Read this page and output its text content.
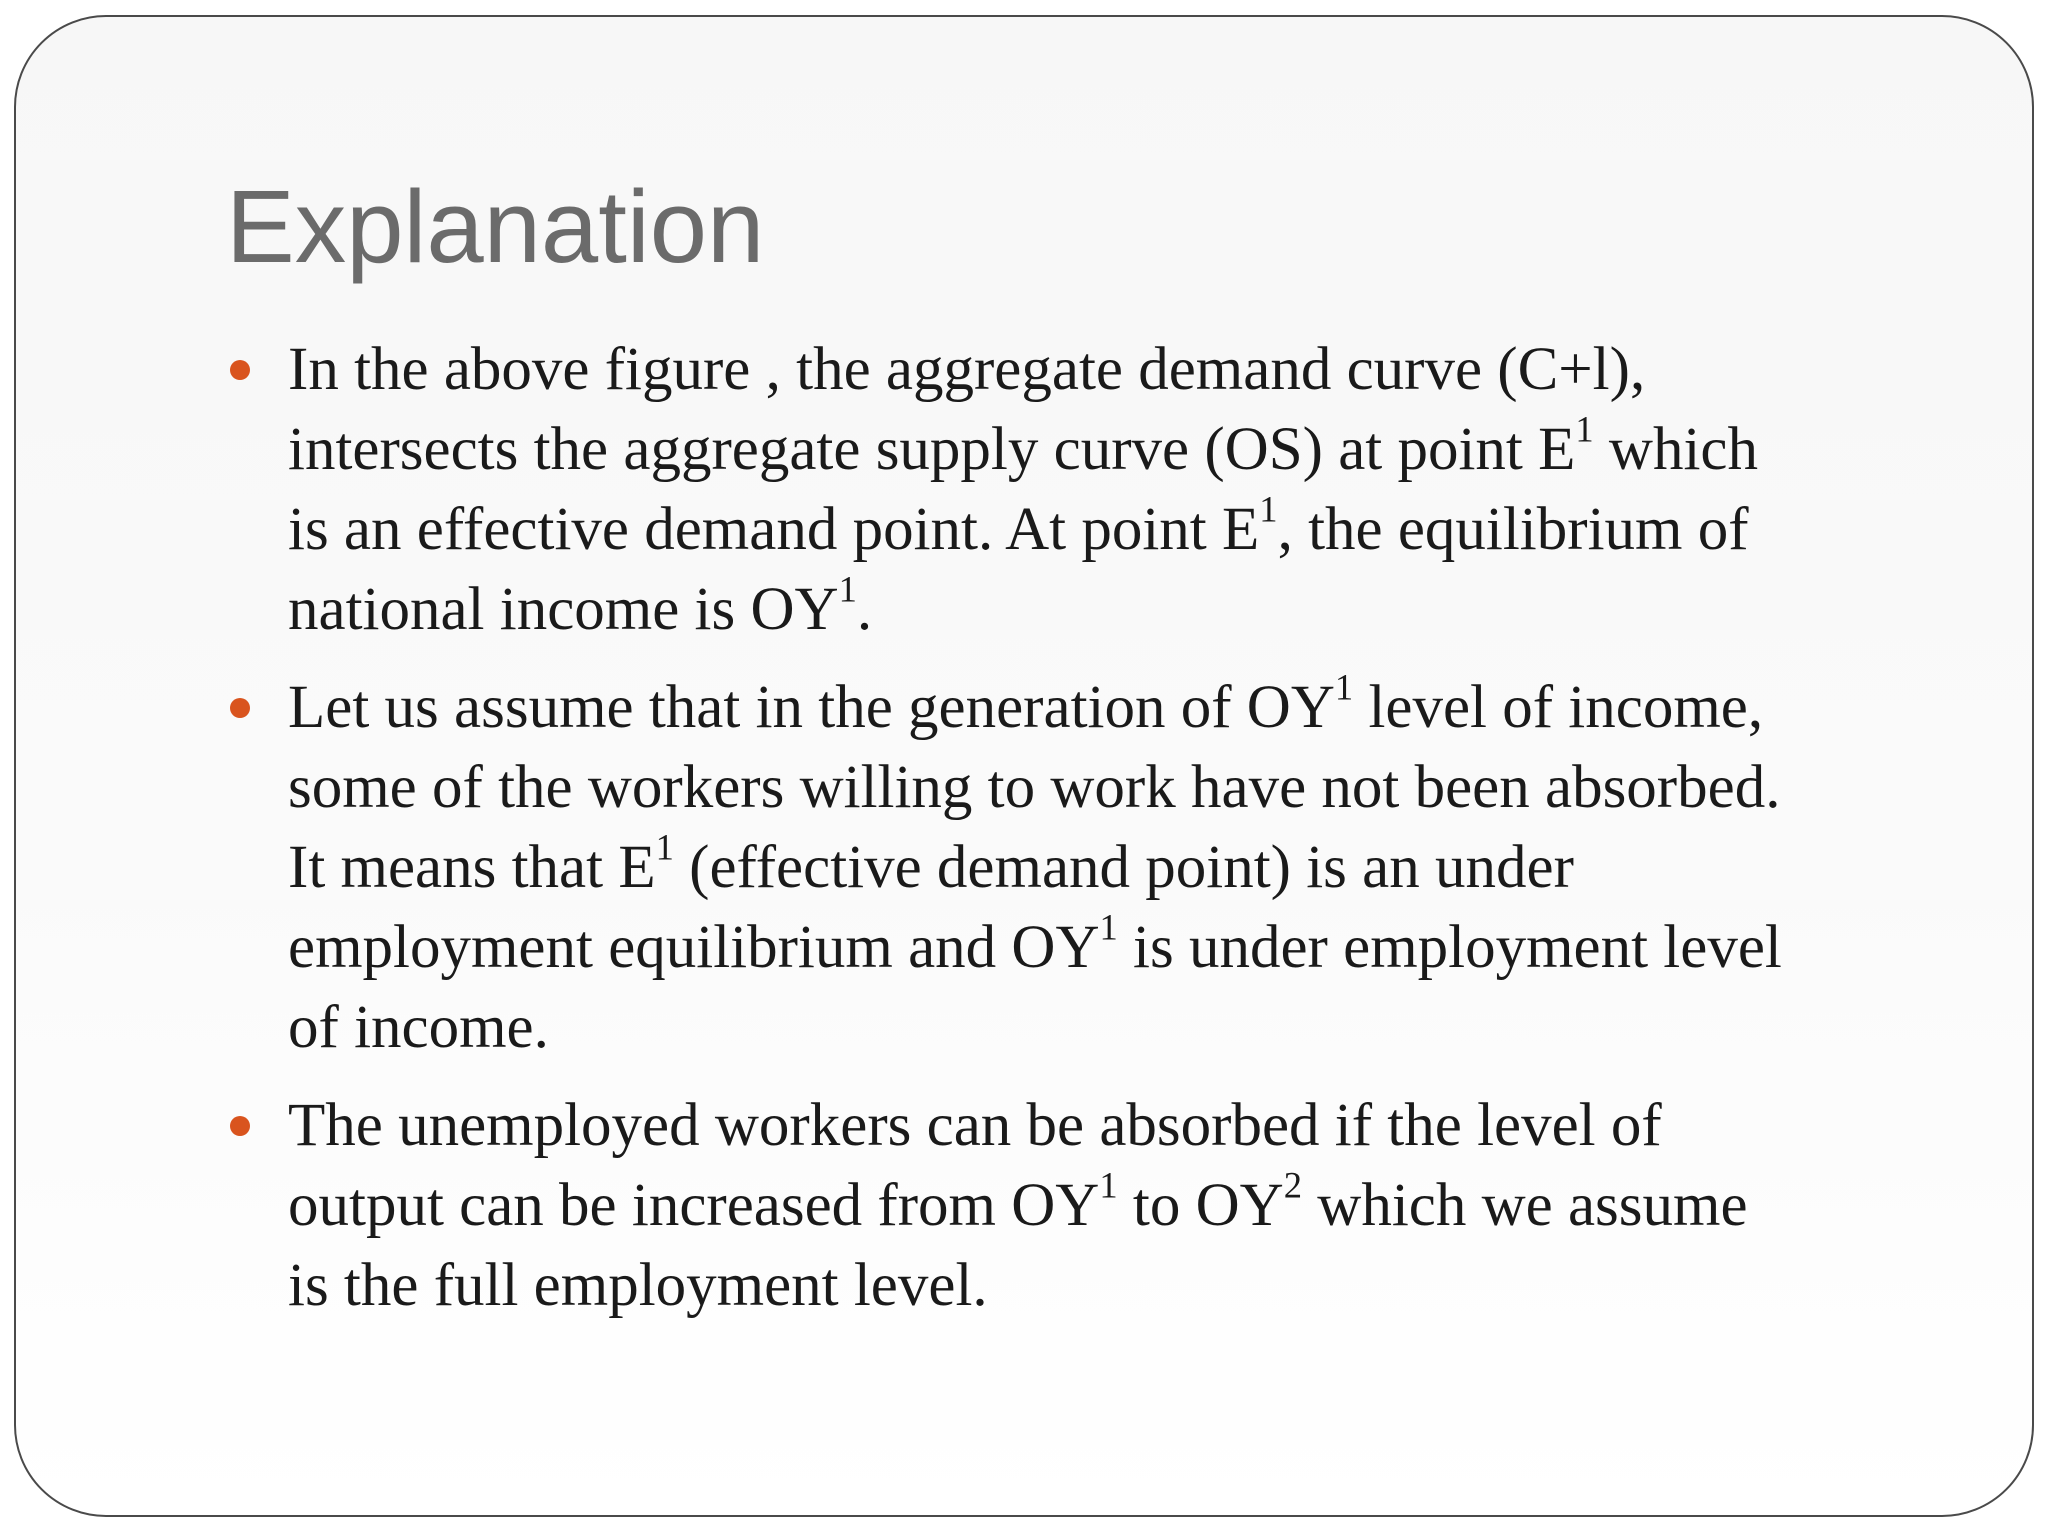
Explanation
In the above figure , the aggregate demand curve (C+l),
intersects the aggregate supply curve (OS) at point $E^1$ which
is an effective demand point. At point $E^1$, the equilibrium of
national income is $OY^1$.
Let us assume that in the generation of $OY^1$ level of income,
some of the workers willing to work have not been absorbed.
It means that $E^1$ (effective demand point) is an under
employment equilibrium and $OY^1$ is under employment level
of income.
The unemployed workers can be absorbed if the level of
output can be increased from $OY^1$ to $OY^2$ which we assume
is the full employment level.
